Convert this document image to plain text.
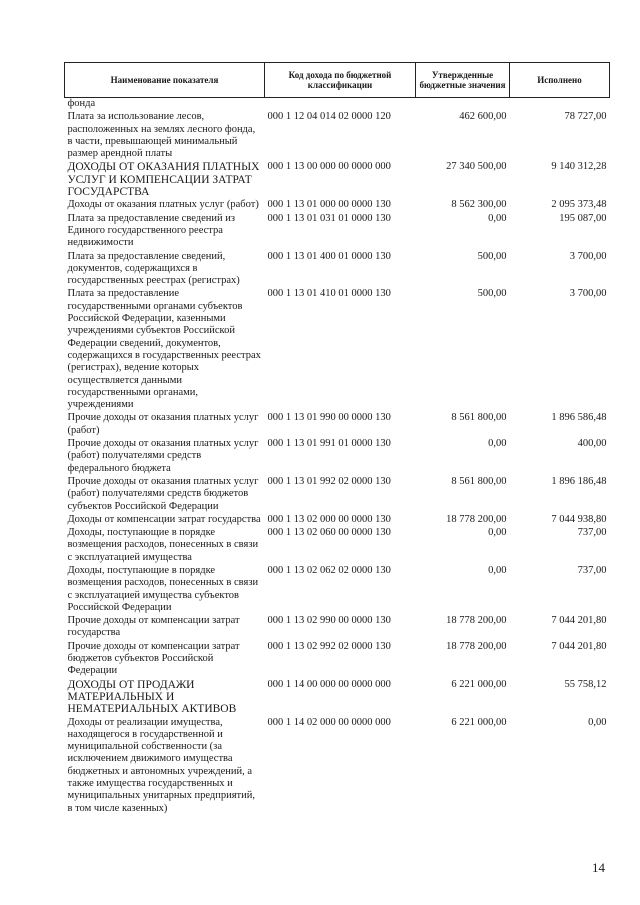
Наименование показателя	Код дохода по бюджетной классификации	Утвержденные бюджетные значения	Исполнено
фонда			
Плата за использование лесов, расположенных на землях лесного фонда, в части, превышающей минимальный размер арендной платы	000 1 12 04 014 02 0000 120	462 600,00	78 727,00
ДОХОДЫ ОТ ОКАЗАНИЯ ПЛАТНЫХ УСЛУГ И КОМПЕНСАЦИИ ЗАТРАТ ГОСУДАРСТВА	000 1 13 00 000 00 0000 000	27 340 500,00	9 140 312,28
Доходы от оказания платных услуг (работ)	000 1 13 01 000 00 0000 130	8 562 300,00	2 095 373,48
Плата за предоставление сведений из Единого государственного реестра недвижимости	000 1 13 01 031 01 0000 130	0,00	195 087,00
Плата за предоставление сведений, документов, содержащихся в государственных реестрах (регистрах)	000 1 13 01 400 01 0000 130	500,00	3 700,00
Плата за предоставление государственными органами субъектов Российской Федерации, казенными учреждениями субъектов Российской Федерации сведений, документов, содержащихся в государственных реестрах (регистрах), ведение которых осуществляется данными государственными органами, учреждениями	000 1 13 01 410 01 0000 130	500,00	3 700,00
Прочие доходы от оказания платных услуг (работ)	000 1 13 01 990 00 0000 130	8 561 800,00	1 896 586,48
Прочие доходы от оказания платных услуг (работ) получателями средств федерального бюджета	000 1 13 01 991 01 0000 130	0,00	400,00
Прочие доходы от оказания платных услуг (работ) получателями средств бюджетов субъектов Российской Федерации	000 1 13 01 992 02 0000 130	8 561 800,00	1 896 186,48
Доходы от компенсации затрат государства	000 1 13 02 000 00 0000 130	18 778 200,00	7 044 938,80
Доходы, поступающие в порядке возмещения расходов, понесенных в связи с эксплуатацией имущества	000 1 13 02 060 00 0000 130	0,00	737,00
Доходы, поступающие в порядке возмещения расходов, понесенных в связи с эксплуатацией имущества субъектов Российской Федерации	000 1 13 02 062 02 0000 130	0,00	737,00
Прочие доходы от компенсации затрат государства	000 1 13 02 990 00 0000 130	18 778 200,00	7 044 201,80
Прочие доходы от компенсации затрат бюджетов субъектов Российской Федерации	000 1 13 02 992 02 0000 130	18 778 200,00	7 044 201,80
ДОХОДЫ ОТ ПРОДАЖИ МАТЕРИАЛЬНЫХ И НЕМАТЕРИАЛЬНЫХ АКТИВОВ	000 1 14 00 000 00 0000 000	6 221 000,00	55 758,12
Доходы от реализации имущества, находящегося в государственной и муниципальной собственности (за исключением движимого имущества бюджетных и автономных учреждений, а также имущества государственных и муниципальных унитарных предприятий, в том числе казенных)	000 1 14 02 000 00 0000 000	6 221 000,00	0,00
14
